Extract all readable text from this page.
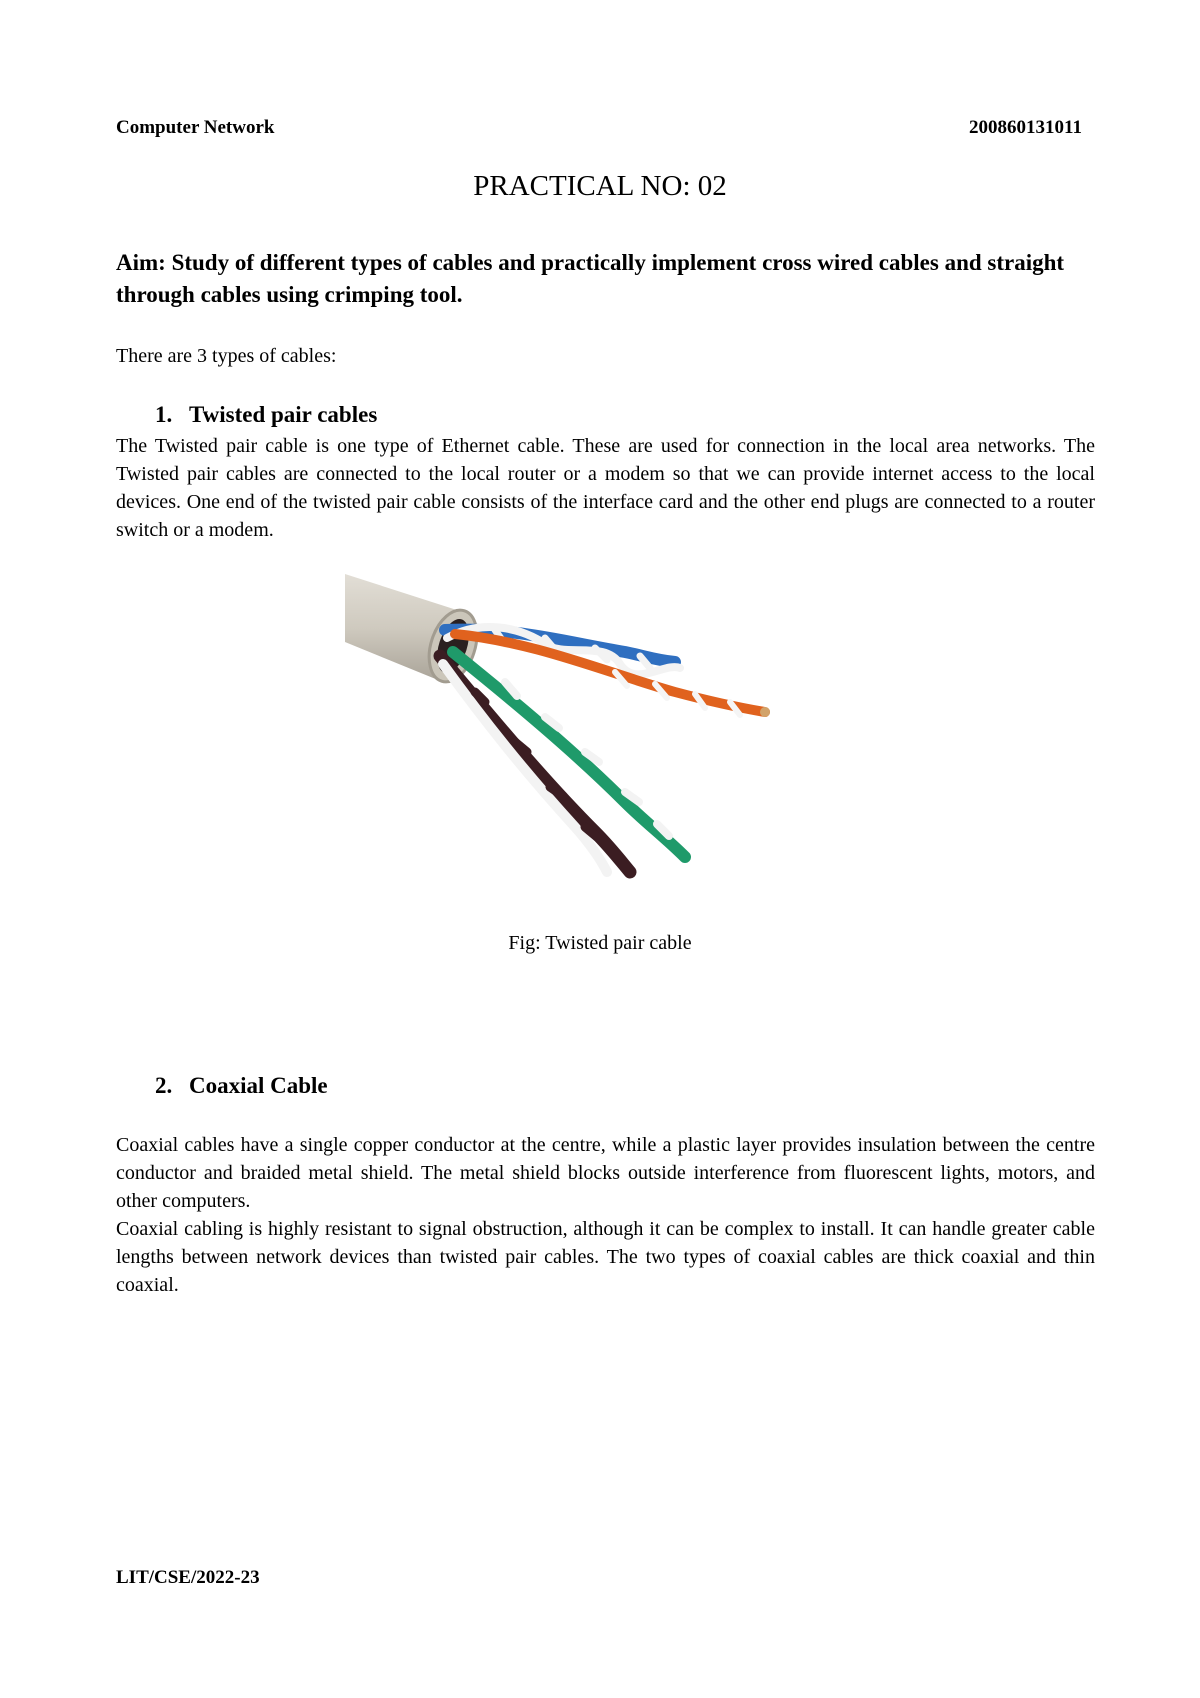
Computer Network	200860131011
PRACTICAL NO: 02
Aim: Study of different types of cables and practically implement cross wired cables and straight through cables using crimping tool.
There are 3 types of cables:
1. Twisted pair cables

The Twisted pair cable is one type of Ethernet cable. These are used for connection in the local area networks. The Twisted pair cables are connected to the local router or a modem so that we can provide internet access to the local devices. One end of the twisted pair cable consists of the interface card and the other end plugs are connected to a router switch or a modem.

Fig: Twisted pair cable
2. Coaxial Cable

Coaxial cables have a single copper conductor at the centre, while a plastic layer provides insulation between the centre conductor and braided metal shield. The metal shield blocks outside interference from fluorescent lights, motors, and other computers.

Coaxial cabling is highly resistant to signal obstruction, although it can be complex to install. It can handle greater cable lengths between network devices than twisted pair cables. The two types of coaxial cables are thick coaxial and thin coaxial.

LIT/CSE/2022-23
